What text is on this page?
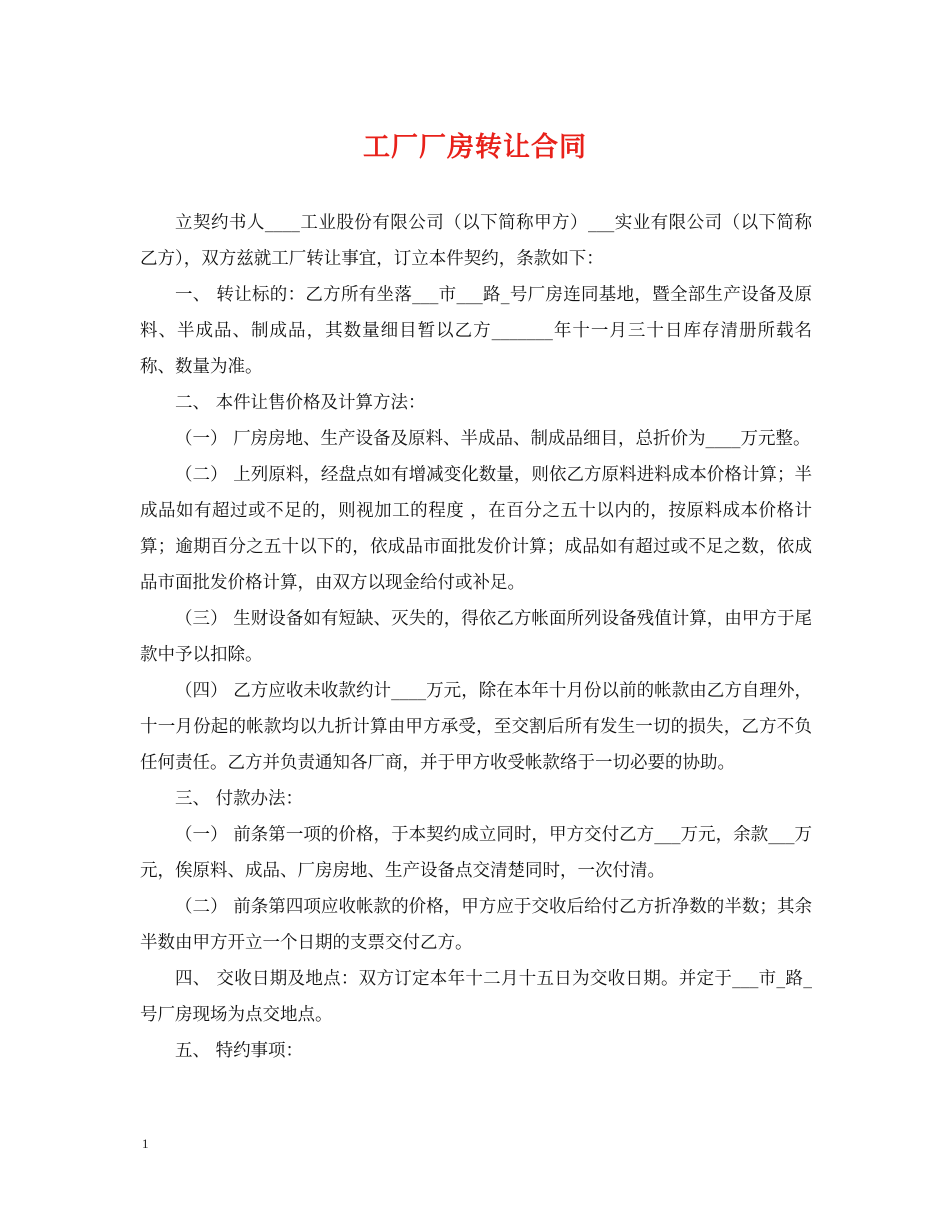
工厂厂房转让合同

立契约书人____工业股份有限公司（以下简称甲方）___实业有限公司（以下简称乙方），双方兹就工厂转让事宜，订立本件契约，条款如下：

一、 转让标的：乙方所有坐落___市___路_号厂房连同基地，暨全部生产设备及原料、半成品、制成品，其数量细目暂以乙方_______年十一月三十日库存清册所载名称、数量为准。

二、 本件让售价格及计算方法：

（一） 厂房房地、生产设备及原料、半成品、制成品细目，总折价为____万元整。

（二） 上列原料，经盘点如有增减变化数量，则依乙方原料进料成本价格计算；半成品如有超过或不足的，则视加工的程度 ，在百分之五十以内的，按原料成本价格计算；逾期百分之五十以下的，依成品市面批发价计算；成品如有超过或不足之数，依成品市面批发价格计算，由双方以现金给付或补足。

（三） 生财设备如有短缺、灭失的，得依乙方帐面所列设备残值计算，由甲方于尾款中予以扣除。

（四） 乙方应收未收款约计____万元，除在本年十月份以前的帐款由乙方自理外，十一月份起的帐款均以九折计算由甲方承受，至交割后所有发生一切的损失，乙方不负任何责任。乙方并负责通知各厂商，并于甲方收受帐款络于一切必要的协助。

三、 付款办法：

（一） 前条第一项的价格，于本契约成立同时，甲方交付乙方___万元，余款___万元，俟原料、成品、厂房房地、生产设备点交清楚同时，一次付清。

（二） 前条第四项应收帐款的价格，甲方应于交收后给付乙方折净数的半数；其余半数由甲方开立一个日期的支票交付乙方。

四、 交收日期及地点：双方订定本年十二月十五日为交收日期。并定于___市_路_号厂房现场为点交地点。

五、 特约事项：

1
